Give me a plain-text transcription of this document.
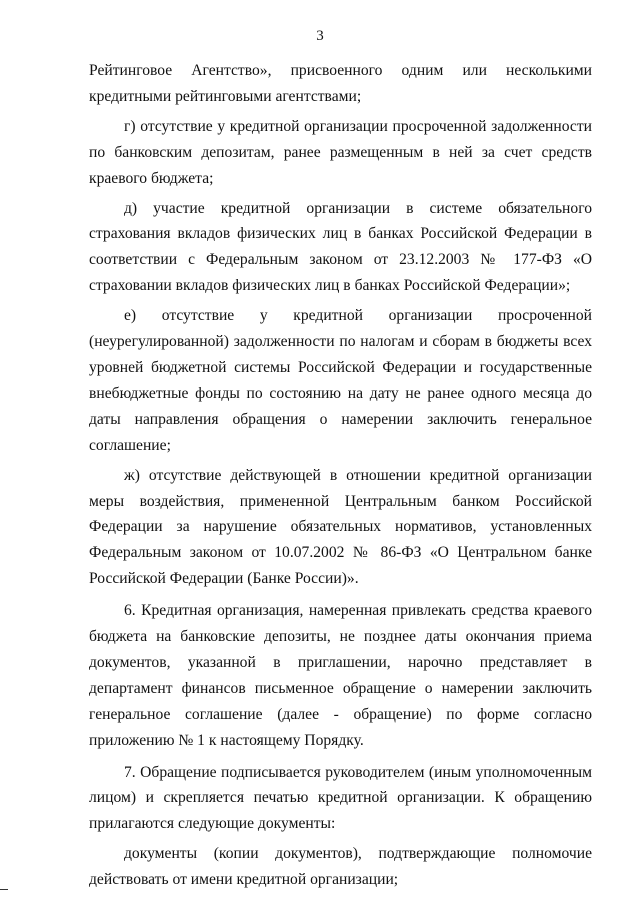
3

Рейтинговое Агентство», присвоенного одним или несколькими кредитными рейтинговыми агентствами;

г) отсутствие у кредитной организации просроченной задолженности по банковским депозитам, ранее размещенным в ней за счет средств краевого бюджета;

д) участие кредитной организации в системе обязательного страхования вкладов физических лиц в банках Российской Федерации в соответствии с Федеральным законом от 23.12.2003 № 177-ФЗ «О страховании вкладов физических лиц в банках Российской Федерации»;

е) отсутствие у кредитной организации просроченной (неурегулированной) задолженности по налогам и сборам в бюджеты всех уровней бюджетной системы Российской Федерации и государственные внебюджетные фонды по состоянию на дату не ранее одного месяца до даты направления обращения о намерении заключить генеральное соглашение;

ж) отсутствие действующей в отношении кредитной организации меры воздействия, примененной Центральным банком Российской Федерации за нарушение обязательных нормативов, установленных Федеральным законом от 10.07.2002 № 86-ФЗ «О Центральном банке Российской Федерации (Банке России)».

6. Кредитная организация, намеренная привлекать средства краевого бюджета на банковские депозиты, не позднее даты окончания приема документов, указанной в приглашении, нарочно представляет в департамент финансов письменное обращение о намерении заключить генеральное соглашение (далее - обращение) по форме согласно приложению № 1 к настоящему Порядку.

7. Обращение подписывается руководителем (иным уполномоченным лицом) и скрепляется печатью кредитной организации. К обращению прилагаются следующие документы:

документы (копии документов), подтверждающие полномочие действовать от имени кредитной организации;
